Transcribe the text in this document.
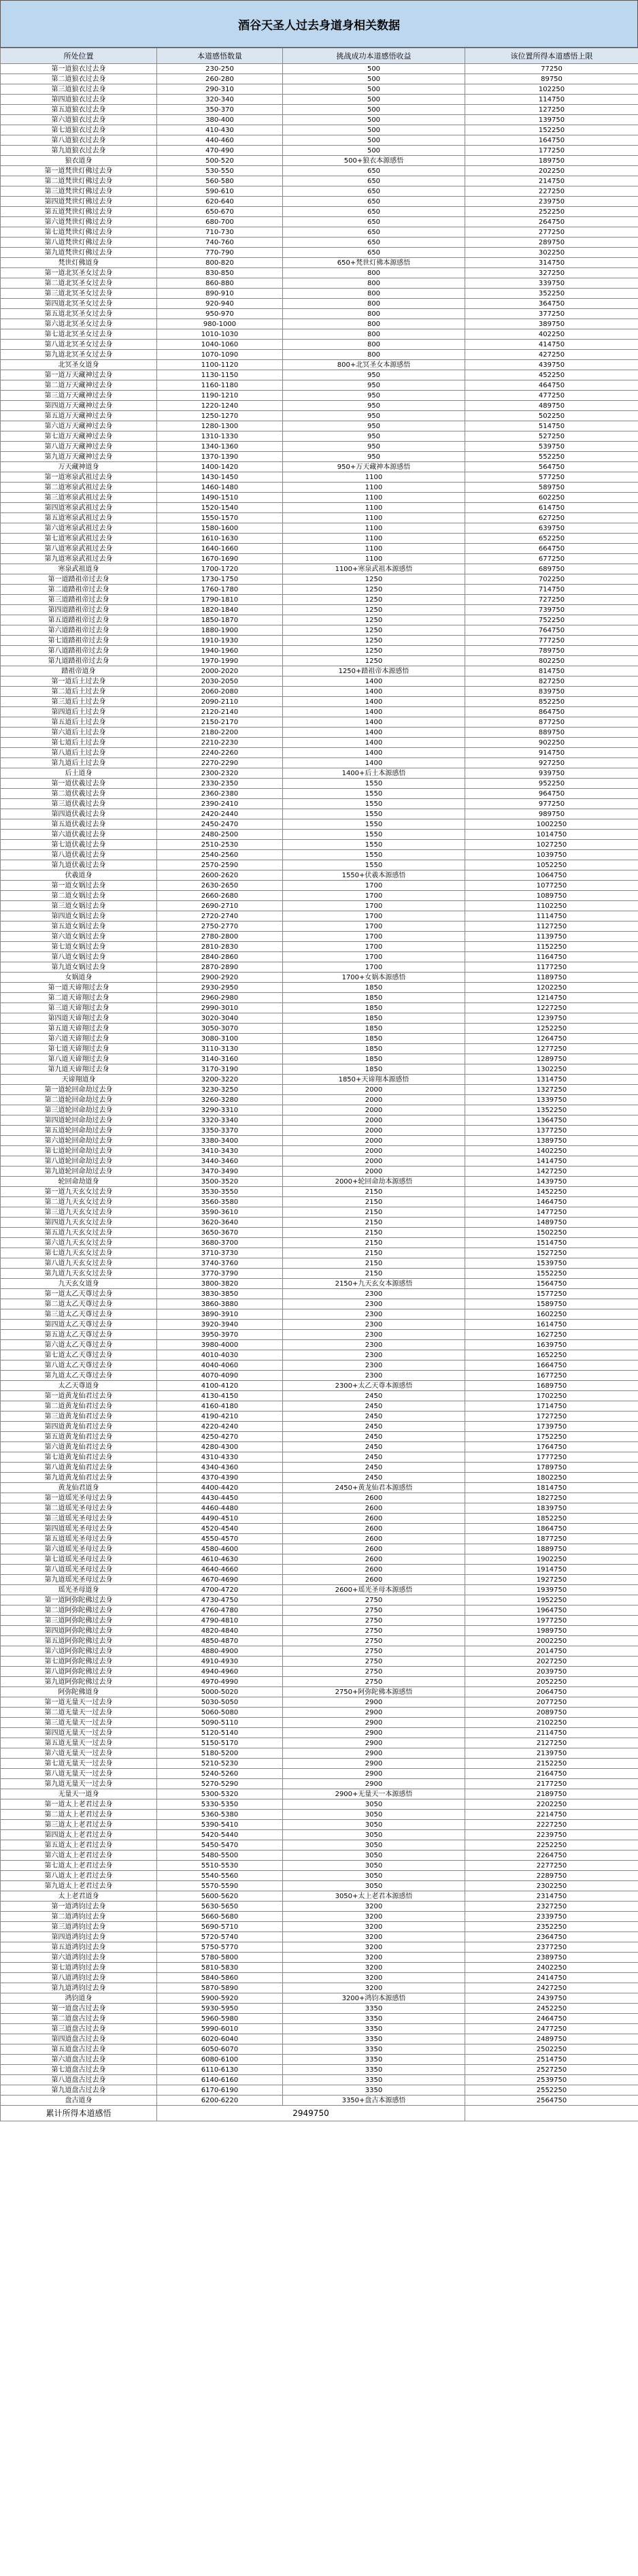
酒谷天圣人过去身道身相关数据
所处位置	本道感悟数量	挑战成功本道感悟收益	该位置所得本道感悟上限
第一道狼衣过去身	230-250	500	77250
第二道狼衣过去身	260-280	500	89750
第三道狼衣过去身	290-310	500	102250
第四道狼衣过去身	320-340	500	114750
第五道狼衣过去身	350-370	500	127250
第六道狼衣过去身	380-400	500	139750
第七道狼衣过去身	410-430	500	152250
第八道狼衣过去身	440-460	500	164750
第九道狼衣过去身	470-490	500	177250
狼衣道身	500-520	500+狼衣本源感悟	189750
第一道梵世灯佛过去身	530-550	650	202250
第二道梵世灯佛过去身	560-580	650	214750
第三道梵世灯佛过去身	590-610	650	227250
第四道梵世灯佛过去身	620-640	650	239750
第五道梵世灯佛过去身	650-670	650	252250
第六道梵世灯佛过去身	680-700	650	264750
第七道梵世灯佛过去身	710-730	650	277250
第八道梵世灯佛过去身	740-760	650	289750
第九道梵世灯佛过去身	770-790	650	302250
梵世灯佛道身	800-820	650+梵世灯佛本源感悟	314750
第一道北冥圣女过去身	830-850	800	327250
第二道北冥圣女过去身	860-880	800	339750
第三道北冥圣女过去身	890-910	800	352250
第四道北冥圣女过去身	920-940	800	364750
第五道北冥圣女过去身	950-970	800	377250
第六道北冥圣女过去身	980-1000	800	389750
第七道北冥圣女过去身	1010-1030	800	402250
第八道北冥圣女过去身	1040-1060	800	414750
第九道北冥圣女过去身	1070-1090	800	427250
北冥圣女道身	1100-1120	800+北冥圣女本源感悟	439750
第一道万天藏神过去身	1130-1150	950	452250
第二道万天藏神过去身	1160-1180	950	464750
第三道万天藏神过去身	1190-1210	950	477250
第四道万天藏神过去身	1220-1240	950	489750
第五道万天藏神过去身	1250-1270	950	502250
第六道万天藏神过去身	1280-1300	950	514750
第七道万天藏神过去身	1310-1330	950	527250
第八道万天藏神过去身	1340-1360	950	539750
第九道万天藏神过去身	1370-1390	950	552250
万天藏神道身	1400-1420	950+万天藏神本源感悟	564750
第一道寒泉武祖过去身	1430-1450	1100	577250
第二道寒泉武祖过去身	1460-1480	1100	589750
第三道寒泉武祖过去身	1490-1510	1100	602250
第四道寒泉武祖过去身	1520-1540	1100	614750
第五道寒泉武祖过去身	1550-1570	1100	627250
第六道寒泉武祖过去身	1580-1600	1100	639750
第七道寒泉武祖过去身	1610-1630	1100	652250
第八道寒泉武祖过去身	1640-1660	1100	664750
第九道寒泉武祖过去身	1670-1690	1100	677250
寒泉武祖道身	1700-1720	1100+寒泉武祖本源感悟	689750
第一道踏祖帝过去身	1730-1750	1250	702250
第二道踏祖帝过去身	1760-1780	1250	714750
第三道踏祖帝过去身	1790-1810	1250	727250
第四道踏祖帝过去身	1820-1840	1250	739750
第五道踏祖帝过去身	1850-1870	1250	752250
第六道踏祖帝过去身	1880-1900	1250	764750
第七道踏祖帝过去身	1910-1930	1250	777250
第八道踏祖帝过去身	1940-1960	1250	789750
第九道踏祖帝过去身	1970-1990	1250	802250
踏祖帝道身	2000-2020	1250+踏祖帝本源感悟	814750
第一道后土过去身	2030-2050	1400	827250
第二道后土过去身	2060-2080	1400	839750
第三道后土过去身	2090-2110	1400	852250
第四道后土过去身	2120-2140	1400	864750
第五道后土过去身	2150-2170	1400	877250
第六道后土过去身	2180-2200	1400	889750
第七道后土过去身	2210-2230	1400	902250
第八道后土过去身	2240-2260	1400	914750
第九道后土过去身	2270-2290	1400	927250
后土道身	2300-2320	1400+后土本源感悟	939750
第一道伏羲过去身	2330-2350	1550	952250
第二道伏羲过去身	2360-2380	1550	964750
第三道伏羲过去身	2390-2410	1550	977250
第四道伏羲过去身	2420-2440	1550	989750
第五道伏羲过去身	2450-2470	1550	1002250
第六道伏羲过去身	2480-2500	1550	1014750
第七道伏羲过去身	2510-2530	1550	1027250
第八道伏羲过去身	2540-2560	1550	1039750
第九道伏羲过去身	2570-2590	1550	1052250
伏羲道身	2600-2620	1550+伏羲本源感悟	1064750
第一道女娲过去身	2630-2650	1700	1077250
第二道女娲过去身	2660-2680	1700	1089750
第三道女娲过去身	2690-2710	1700	1102250
第四道女娲过去身	2720-2740	1700	1114750
第五道女娲过去身	2750-2770	1700	1127250
第六道女娲过去身	2780-2800	1700	1139750
第七道女娲过去身	2810-2830	1700	1152250
第八道女娲过去身	2840-2860	1700	1164750
第九道女娲过去身	2870-2890	1700	1177250
女娲道身	2900-2920	1700+女娲本源感悟	1189750
第一道天谛翔过去身	2930-2950	1850	1202250
第二道天谛翔过去身	2960-2980	1850	1214750
第三道天谛翔过去身	2990-3010	1850	1227250
第四道天谛翔过去身	3020-3040	1850	1239750
第五道天谛翔过去身	3050-3070	1850	1252250
第六道天谛翔过去身	3080-3100	1850	1264750
第七道天谛翔过去身	3110-3130	1850	1277250
第八道天谛翔过去身	3140-3160	1850	1289750
第九道天谛翔过去身	3170-3190	1850	1302250
天谛翔道身	3200-3220	1850+天谛翔本源感悟	1314750
第一道轮回命劫过去身	3230-3250	2000	1327250
第二道轮回命劫过去身	3260-3280	2000	1339750
第三道轮回命劫过去身	3290-3310	2000	1352250
第四道轮回命劫过去身	3320-3340	2000	1364750
第五道轮回命劫过去身	3350-3370	2000	1377250
第六道轮回命劫过去身	3380-3400	2000	1389750
第七道轮回命劫过去身	3410-3430	2000	1402250
第八道轮回命劫过去身	3440-3460	2000	1414750
第九道轮回命劫过去身	3470-3490	2000	1427250
轮回命劫道身	3500-3520	2000+轮回命劫本源感悟	1439750
第一道九天玄女过去身	3530-3550	2150	1452250
第二道九天玄女过去身	3560-3580	2150	1464750
第三道九天玄女过去身	3590-3610	2150	1477250
第四道九天玄女过去身	3620-3640	2150	1489750
第五道九天玄女过去身	3650-3670	2150	1502250
第六道九天玄女过去身	3680-3700	2150	1514750
第七道九天玄女过去身	3710-3730	2150	1527250
第八道九天玄女过去身	3740-3760	2150	1539750
第九道九天玄女过去身	3770-3790	2150	1552250
九天玄女道身	3800-3820	2150+九天玄女本源感悟	1564750
第一道太乙天尊过去身	3830-3850	2300	1577250
第二道太乙天尊过去身	3860-3880	2300	1589750
第三道太乙天尊过去身	3890-3910	2300	1602250
第四道太乙天尊过去身	3920-3940	2300	1614750
第五道太乙天尊过去身	3950-3970	2300	1627250
第六道太乙天尊过去身	3980-4000	2300	1639750
第七道太乙天尊过去身	4010-4030	2300	1652250
第八道太乙天尊过去身	4040-4060	2300	1664750
第九道太乙天尊过去身	4070-4090	2300	1677250
太乙天尊道身	4100-4120	2300+太乙天尊本源感悟	1689750
第一道黄龙仙君过去身	4130-4150	2450	1702250
第二道黄龙仙君过去身	4160-4180	2450	1714750
第三道黄龙仙君过去身	4190-4210	2450	1727250
第四道黄龙仙君过去身	4220-4240	2450	1739750
第五道黄龙仙君过去身	4250-4270	2450	1752250
第六道黄龙仙君过去身	4280-4300	2450	1764750
第七道黄龙仙君过去身	4310-4330	2450	1777250
第八道黄龙仙君过去身	4340-4360	2450	1789750
第九道黄龙仙君过去身	4370-4390	2450	1802250
黄龙仙君道身	4400-4420	2450+黄龙仙君本源感悟	1814750
第一道瑶光圣母过去身	4430-4450	2600	1827250
第二道瑶光圣母过去身	4460-4480	2600	1839750
第三道瑶光圣母过去身	4490-4510	2600	1852250
第四道瑶光圣母过去身	4520-4540	2600	1864750
第五道瑶光圣母过去身	4550-4570	2600	1877250
第六道瑶光圣母过去身	4580-4600	2600	1889750
第七道瑶光圣母过去身	4610-4630	2600	1902250
第八道瑶光圣母过去身	4640-4660	2600	1914750
第九道瑶光圣母过去身	4670-4690	2600	1927250
瑶光圣母道身	4700-4720	2600+瑶光圣母本源感悟	1939750
第一道阿弥陀佛过去身	4730-4750	2750	1952250
第二道阿弥陀佛过去身	4760-4780	2750	1964750
第三道阿弥陀佛过去身	4790-4810	2750	1977250
第四道阿弥陀佛过去身	4820-4840	2750	1989750
第五道阿弥陀佛过去身	4850-4870	2750	2002250
第六道阿弥陀佛过去身	4880-4900	2750	2014750
第七道阿弥陀佛过去身	4910-4930	2750	2027250
第八道阿弥陀佛过去身	4940-4960	2750	2039750
第九道阿弥陀佛过去身	4970-4990	2750	2052250
阿弥陀佛道身	5000-5020	2750+阿弥陀佛本源感悟	2064750
第一道无量天一过去身	5030-5050	2900	2077250
第二道无量天一过去身	5060-5080	2900	2089750
第三道无量天一过去身	5090-5110	2900	2102250
第四道无量天一过去身	5120-5140	2900	2114750
第五道无量天一过去身	5150-5170	2900	2127250
第六道无量天一过去身	5180-5200	2900	2139750
第七道无量天一过去身	5210-5230	2900	2152250
第八道无量天一过去身	5240-5260	2900	2164750
第九道无量天一过去身	5270-5290	2900	2177250
无量天一道身	5300-5320	2900+无量天一本源感悟	2189750
第一道太上老君过去身	5330-5350	3050	2202250
第二道太上老君过去身	5360-5380	3050	2214750
第三道太上老君过去身	5390-5410	3050	2227250
第四道太上老君过去身	5420-5440	3050	2239750
第五道太上老君过去身	5450-5470	3050	2252250
第六道太上老君过去身	5480-5500	3050	2264750
第七道太上老君过去身	5510-5530	3050	2277250
第八道太上老君过去身	5540-5560	3050	2289750
第九道太上老君过去身	5570-5590	3050	2302250
太上老君道身	5600-5620	3050+太上老君本源感悟	2314750
第一道鸿钧过去身	5630-5650	3200	2327250
第二道鸿钧过去身	5660-5680	3200	2339750
第三道鸿钧过去身	5690-5710	3200	2352250
第四道鸿钧过去身	5720-5740	3200	2364750
第五道鸿钧过去身	5750-5770	3200	2377250
第六道鸿钧过去身	5780-5800	3200	2389750
第七道鸿钧过去身	5810-5830	3200	2402250
第八道鸿钧过去身	5840-5860	3200	2414750
第九道鸿钧过去身	5870-5890	3200	2427250
鸿钧道身	5900-5920	3200+鸿钧本源感悟	2439750
第一道盘古过去身	5930-5950	3350	2452250
第二道盘古过去身	5960-5980	3350	2464750
第三道盘古过去身	5990-6010	3350	2477250
第四道盘古过去身	6020-6040	3350	2489750
第五道盘古过去身	6050-6070	3350	2502250
第六道盘古过去身	6080-6100	3350	2514750
第七道盘古过去身	6110-6130	3350	2527250
第八道盘古过去身	6140-6160	3350	2539750
第九道盘古过去身	6170-6190	3350	2552250
盘古道身	6200-6220	3350+盘古本源感悟	2564750
累计所得本道感悟	2949750		
